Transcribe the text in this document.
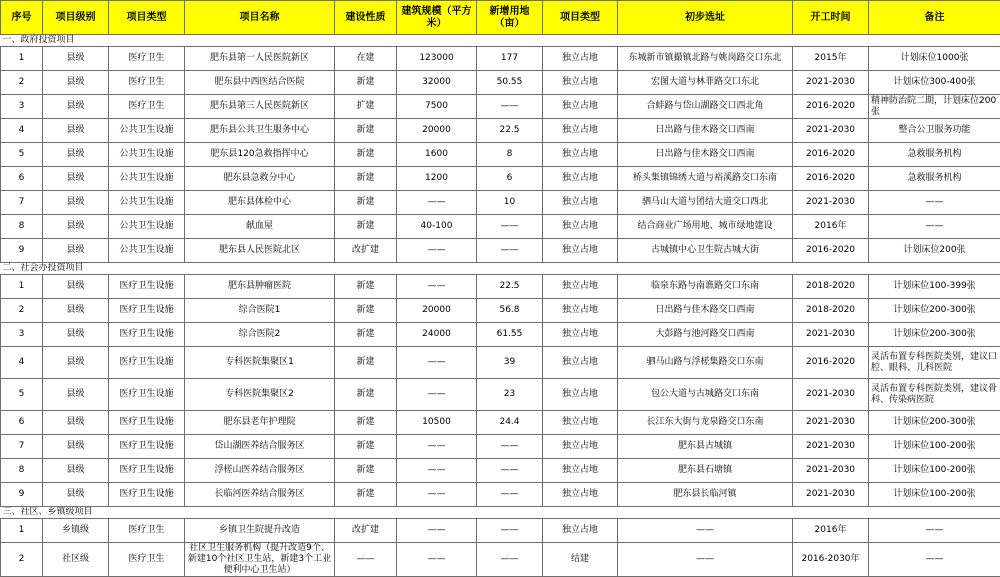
序号	项目级别	项目类型	项目名称	建设性质	建筑规模（平方米）	新增用地（亩）	项目类型	初步选址	开工时间	备注
一、政府投资项目										
1	县级	医疗卫生	肥东县第一人民医院新区	在建	123000	177	独立占地	东城新市镇撮镇北路与姚岗路交口东北	2015年	计划床位1000张
2	县级	医疗卫生	肥东县中西医结合医院	新建	32000	50.55	独立占地	宏图大道与林菲路交口东北	2021-2030	计划床位300-400张
3	县级	医疗卫生	肥东县第三人民医院新区	扩建	7500	——	独立占地	合蚌路与岱山湖路交口西北角	2016-2020	精神防治院二期，计划床位200张
4	县级	公共卫生设施	肥东县公共卫生服务中心	新建	20000	22.5	独立占地	日出路与佳木路交口西南	2021-2030	整合公卫服务功能
5	县级	公共卫生设施	肥东县120急救指挥中心	新建	1600	8	独立占地	日出路与佳木路交口西南	2016-2020	急救服务机构
6	县级	公共卫生设施	肥东县急救分中心	新建	1200	6	独立占地	桥头集镇锦绣大道与裕溪路交口东南	2016-2020	急救服务机构
7	县级	公共卫生设施	肥东县体检中心	新建	——	10	独立占地	驷马山大道与团结大道交口西北	2021-2030	——
8	县级	公共卫生设施	献血屋	新建	40-100	——	独立占地	结合商业广场用地、城市绿地建设	2016年	——
9	县级	公共卫生设施	肥东县人民医院北区	改扩建	——	——	独立占地	古城镇中心卫生院古城大街	2016-2020	计划床位200张
二、社会办投资项目										
1	县级	医疗卫生设施	肥东县肿瘤医院	新建	——	22.5	独立占地	临泉东路与南谯路交口东南	2018-2020	计划床位100-399张
2	县级	医疗卫生设施	综合医院1	新建	20000	56.8	独立占地	日出路与佳木路交口西南	2018-2020	计划床位200-300张
3	县级	医疗卫生设施	综合医院2	新建	24000	61.55	独立占地	大彭路与池河路交口西南	2021-2030	计划床位200-300张
4	县级	医疗卫生设施	专科医院集聚区1	新建	——	39	独立占地	驷马山路与浮槎集路交口东南	2016-2020	灵活布置专科医院类别，建议口腔、眼科、儿科医院
5	县级	医疗卫生设施	专科医院集聚区2	新建	——	23	独立占地	包公大道与古城路交口东南	2021-2030	灵活布置专科医院类别，建议骨科、传染病医院
6	县级	医疗卫生设施	肥东县老年护理院	新建	10500	24.4	独立占地	长江东大街与龙泉路交口东南	2021-2030	计划床位200-300张
7	县级	医疗卫生设施	岱山湖医养结合服务区	新建	——	——	独立占地	肥东县古城镇	2021-2030	计划床位100-200张
8	县级	医疗卫生设施	浮槎山医养结合服务区	新建	——	——	独立占地	肥东县石塘镇	2021-2030	计划床位100-200张
9	县级	医疗卫生设施	长临河医养结合服务区	新建	——	——	独立占地	肥东县长临河镇	2021-2030	计划床位100-200张
三、社区、乡镇级项目										
1	乡镇级	医疗卫生	乡镇卫生院提升改造	改扩建	——	——	独立占地	——	2016年	——
2	社区级	医疗卫生	社区卫生服务机构（提升改造9个、新建10个社区卫生站，新建3个工业便利中心卫生站）	——	——	——	结建	——	2016-2030年	——
